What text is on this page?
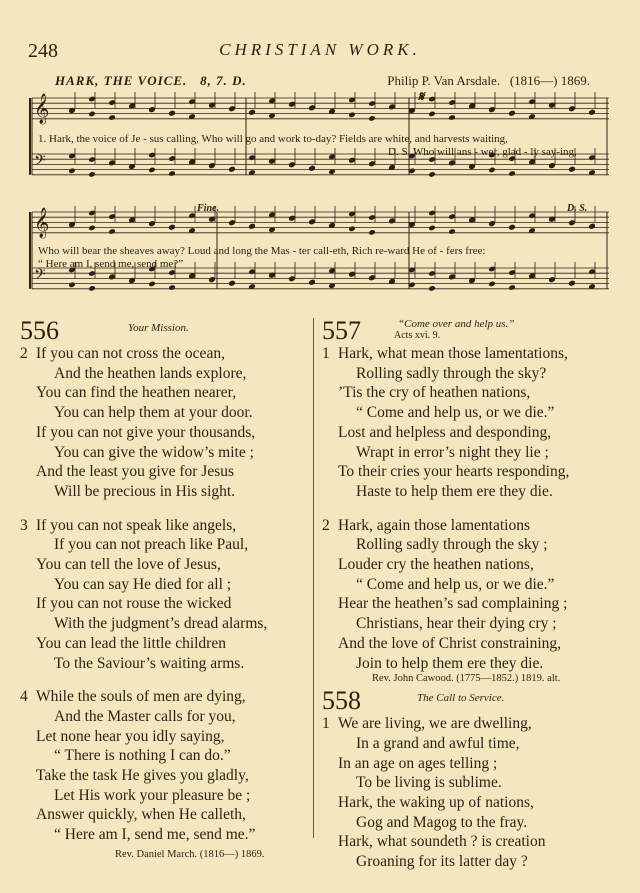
248	CHRISTIAN WORK.
HARK, THE VOICE. 8, 7. D.	Philip P. Van Arsdale. (1816—) 1869.
𝄞
𝄢
1. Hark, the voice of Je - sus calling, Who will go and work to-day? Fields are white, and harvests waiting,
D. S. Who will ans - wer, glad - ly say-ing,
𝄋
𝄞
𝄢
Fine.	D. S.
Who will bear the sheaves away? Loud and long the Mas - ter call-eth, Rich re-ward He of - fers free:
“ Here am I, send me, send me?”
556	Your Mission.
2 If you can not cross the ocean,
And the heathen lands explore,
You can find the heathen nearer,
You can help them at your door.
If you can not give your thousands,
You can give the widow’s mite ;
And the least you give for Jesus
Will be precious in His sight.
3 If you can not speak like angels,
If you can not preach like Paul,
You can tell the love of Jesus,
You can say He died for all ;
If you can not rouse the wicked
With the judgment’s dread alarms,
You can lead the little children
To the Saviour’s waiting arms.
4 While the souls of men are dying,
And the Master calls for you,
Let none hear you idly saying,
“ There is nothing I can do.”
Take the task He gives you gladly,
Let His work your pleasure be ;
Answer quickly, when He calleth,
“ Here am I, send me, send me.”
Rev. Daniel March. (1816—) 1869.
557	“Come over and help us.”
Acts xvi. 9.
1 Hark, what mean those lamentations,
Rolling sadly through the sky?
’Tis the cry of heathen nations,
“ Come and help us, or we die.”
Lost and helpless and desponding,
Wrapt in error’s night they lie ;
To their cries your hearts responding,
Haste to help them ere they die.
2 Hark, again those lamentations
Rolling sadly through the sky ;
Louder cry the heathen nations,
“ Come and help us, or we die.”
Hear the heathen’s sad complaining ;
Christians, hear their dying cry ;
And the love of Christ constraining,
Join to help them ere they die.
Rev. John Cawood. (1775—1852.) 1819. alt.
558	The Call to Service.
1 We are living, we are dwelling,
In a grand and awful time,
In an age on ages telling ;
To be living is sublime.
Hark, the waking up of nations,
Gog and Magog to the fray.
Hark, what soundeth ? is creation
Groaning for its latter day ?
